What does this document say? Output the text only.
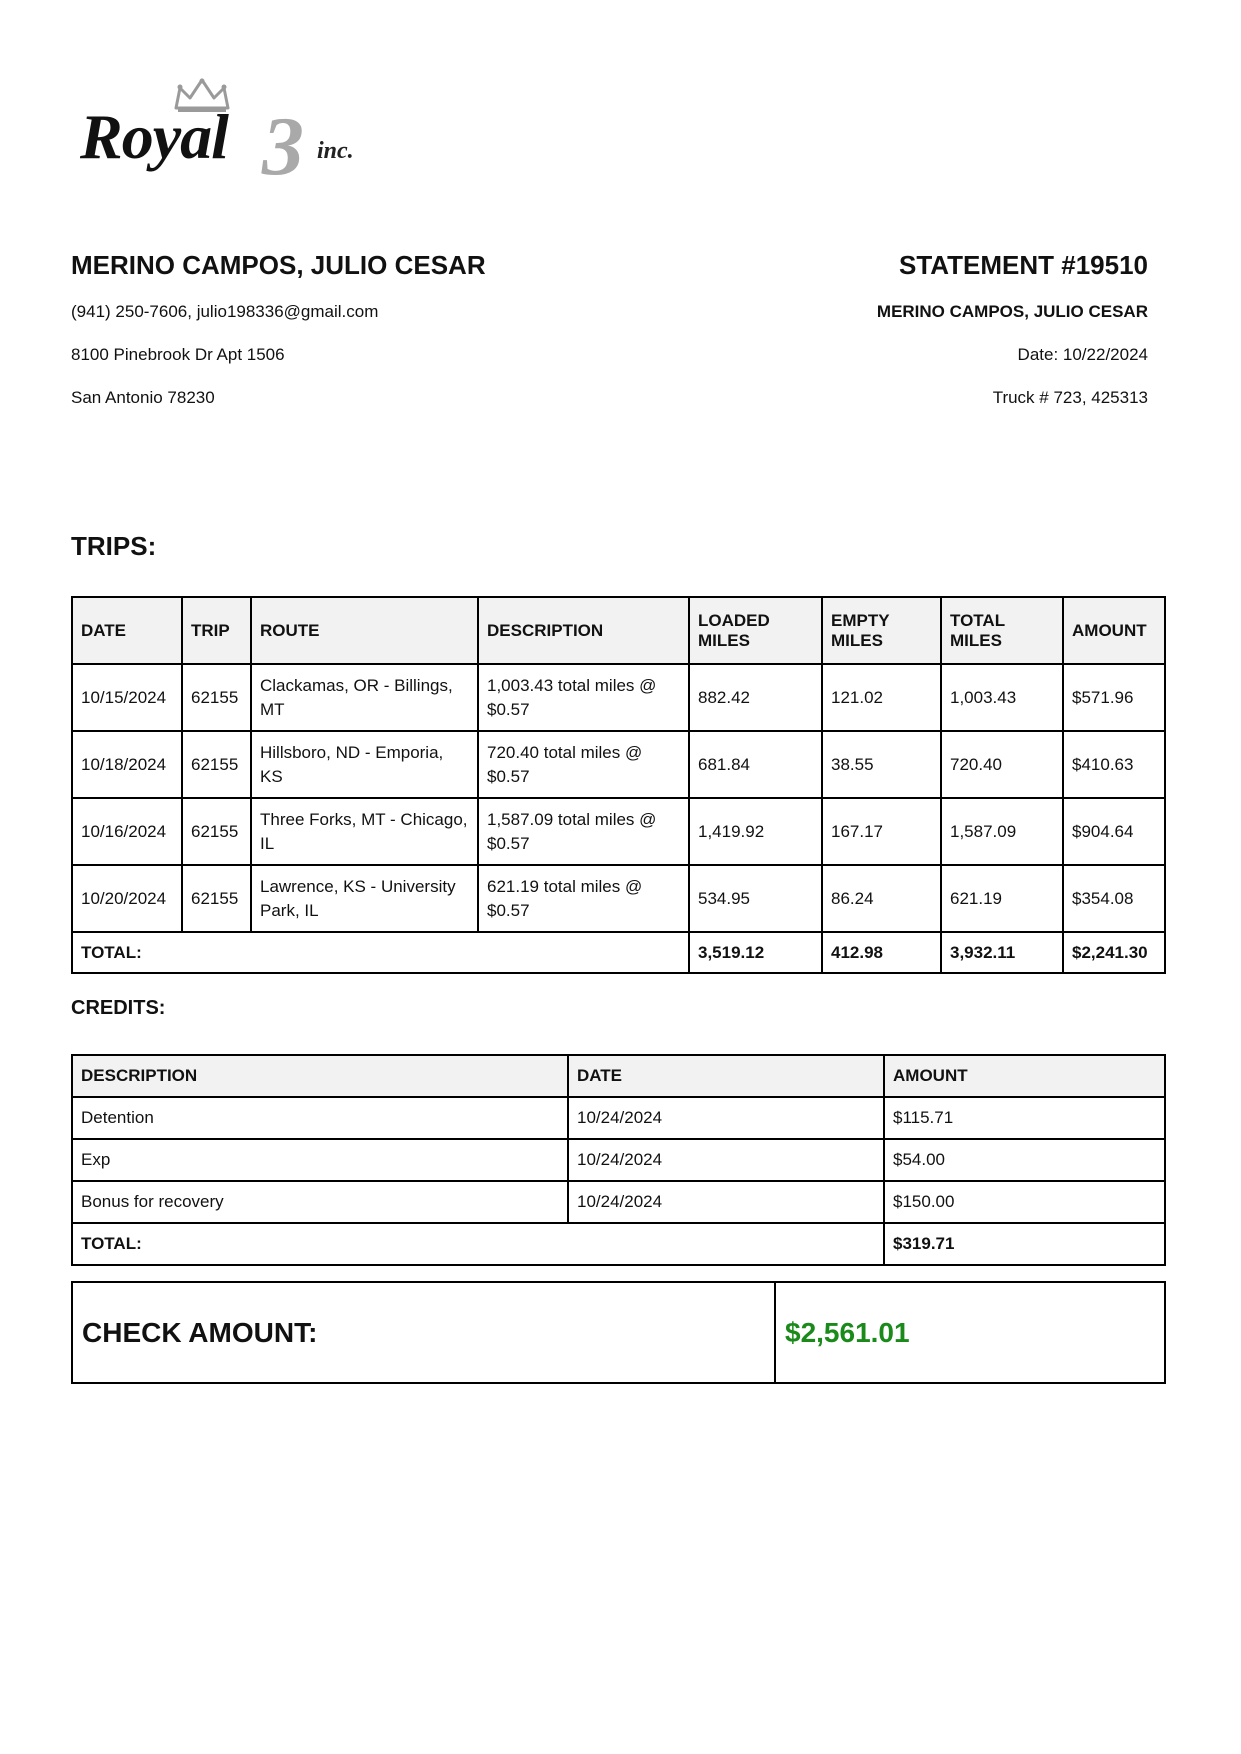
3
Royal	inc.
MERINO CAMPOS, JULIO CESAR
(941) 250-7606, julio198336@gmail.com
8100 Pinebrook Dr Apt 1506
San Antonio 78230
STATEMENT #19510
MERINO CAMPOS, JULIO CESAR
Date: 10/22/2024
Truck # 723, 425313
TRIPS:
DATE	TRIP	ROUTE	DESCRIPTION	LOADED MILES	EMPTY MILES	TOTAL MILES	AMOUNT
10/15/2024	62155	Clackamas, OR - Billings, MT	1,003.43 total miles @ $0.57	882.42	121.02	1,003.43	$571.96
10/18/2024	62155	Hillsboro, ND - Emporia, KS	720.40 total miles @ $0.57	681.84	38.55	720.40	$410.63
10/16/2024	62155	Three Forks, MT - Chicago, IL	1,587.09 total miles @ $0.57	1,419.92	167.17	1,587.09	$904.64
10/20/2024	62155	Lawrence, KS - University Park, IL	621.19 total miles @ $0.57	534.95	86.24	621.19	$354.08
TOTAL:				3,519.12	412.98	3,932.11	$2,241.30
CREDITS:
DESCRIPTION	DATE	AMOUNT
Detention	10/24/2024	$115.71
Exp	10/24/2024	$54.00
Bonus for recovery	10/24/2024	$150.00
TOTAL:		$319.71
CHECK AMOUNT:	$2,561.01
